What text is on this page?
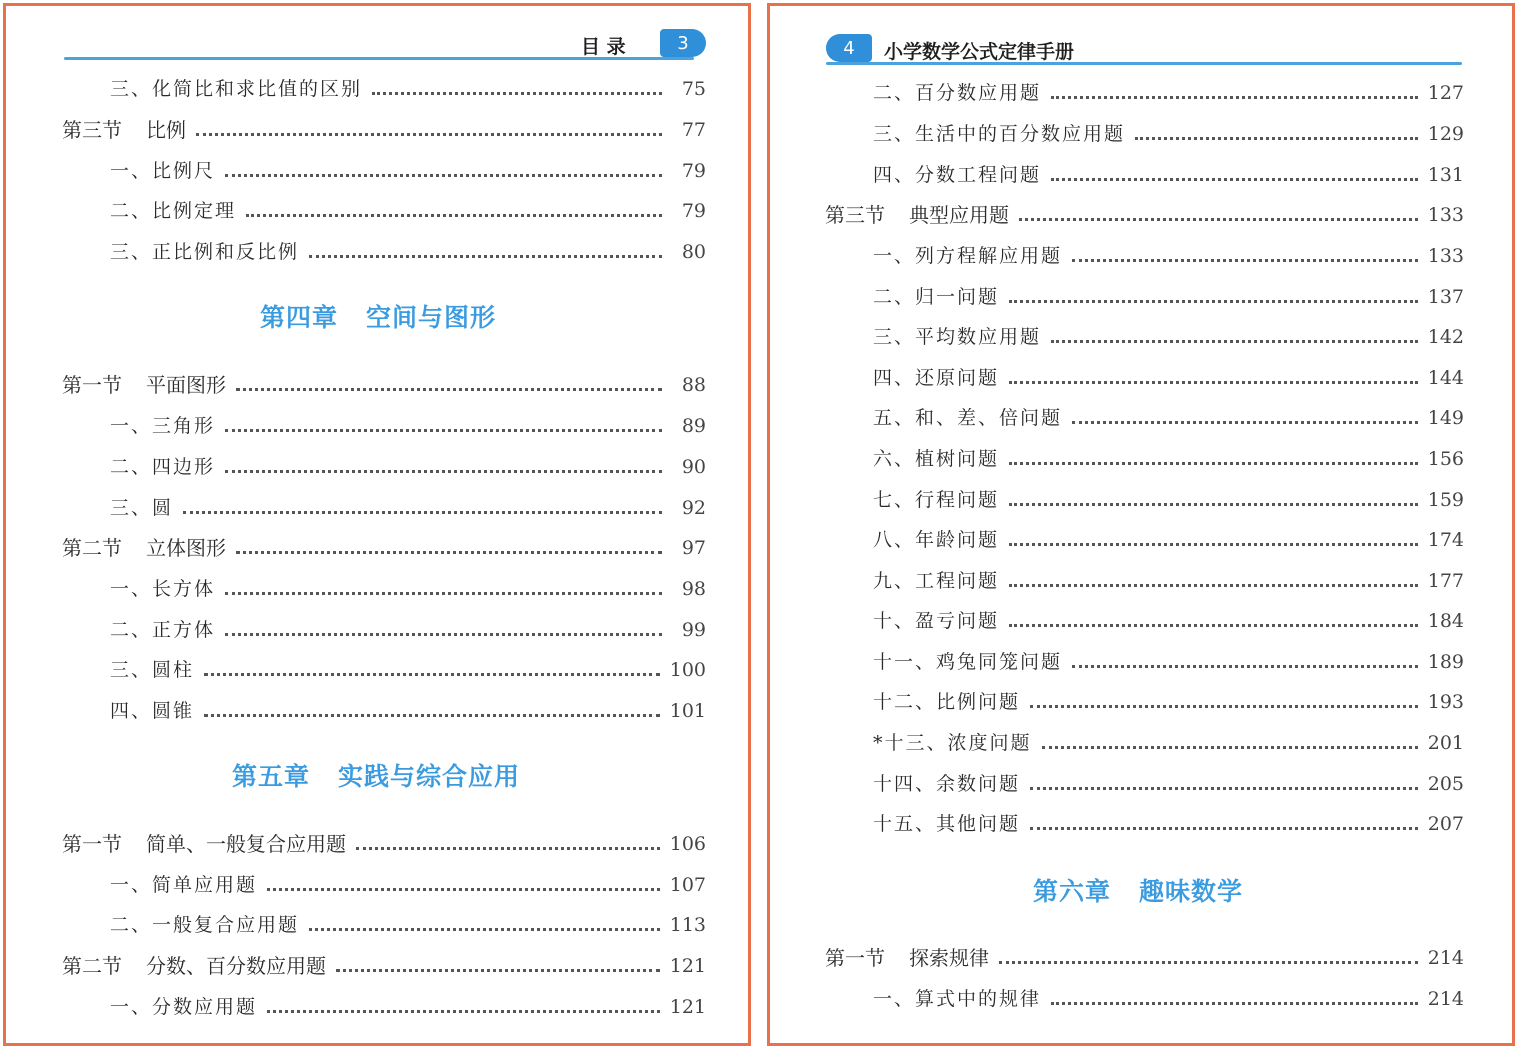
目 录	3
三、化简比和求比值的区别	75
第三节 比例	77
一、比例尺	79
二、比例定理	79
三、正比例和反比例	80
第四章 空间与图形
第一节 平面图形	88
一、三角形	89
二、四边形	90
三、圆	92
第二节 立体图形	97
一、长方体	98
二、正方体	99
三、圆柱	100
四、圆锥	101
第五章 实践与综合应用
第一节 简单、一般复合应用题	106
一、简单应用题	107
二、一般复合应用题	113
第二节 分数、百分数应用题	121
一、分数应用题	121
4	小学数学公式定律手册
二、百分数应用题	127
三、生活中的百分数应用题	129
四、分数工程问题	131
第三节 典型应用题	133
一、列方程解应用题	133
二、归一问题	137
三、平均数应用题	142
四、还原问题	144
五、和、差、倍问题	149
六、植树问题	156
七、行程问题	159
八、年龄问题	174
九、工程问题	177
十、盈亏问题	184
十一、鸡兔同笼问题	189
十二、比例问题	193
*十三、浓度问题	201
十四、余数问题	205
十五、其他问题	207
第六章 趣味数学
第一节 探索规律	214
一、算式中的规律	214
